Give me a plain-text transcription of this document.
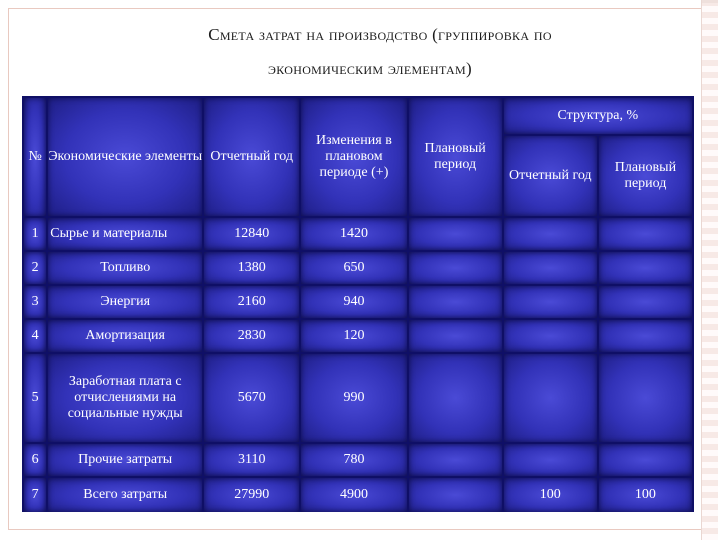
Смета затрат на производство (группировка по
экономическим элементам)
№	Экономические элементы	Отчетный год	Изменения в плановом периоде (+)	Плановый период	Структура, %	
					Отчетный год	Плановый период
1	Сырье и материалы	12840	1420			
2	Топливо	1380	650			
3	Энергия	2160	940			
4	Амортизация	2830	120			
5	Заработная плата с отчислениями на социальные нужды	5670	990			
6	Прочие затраты	3110	780			
7	Всего затраты	27990	4900		100	100
